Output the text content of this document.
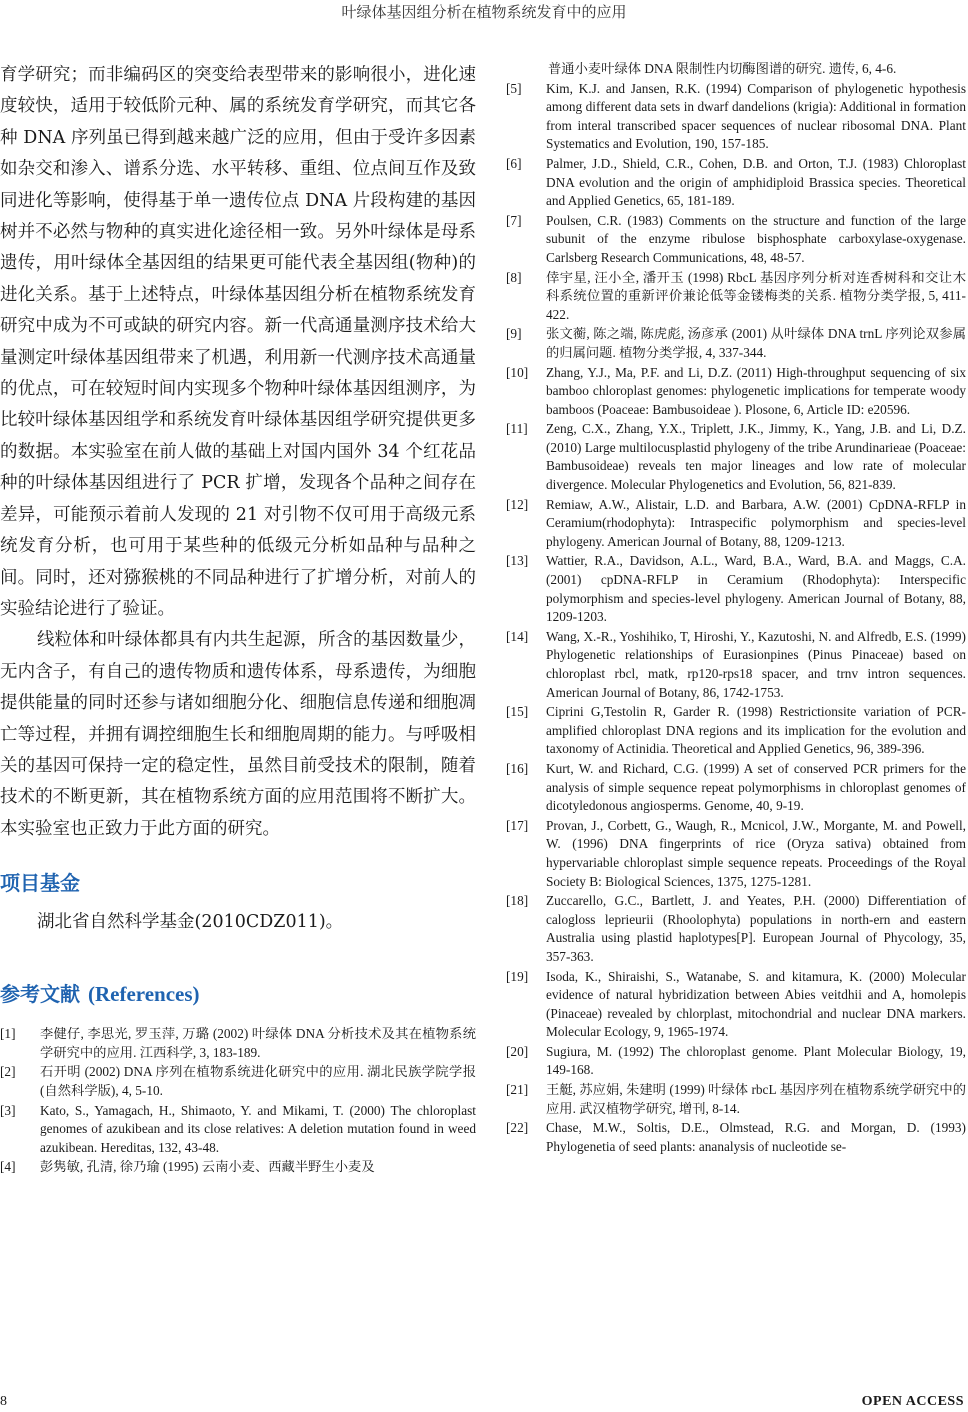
叶绿体基因组分析在植物系统发育中的应用

育学研究；而非编码区的突变给表型带来的影响很小，进化速度较快，适用于较低阶元种、属的系统发育学研究，而其它各种 DNA 序列虽已得到越来越广泛的应用，但由于受许多因素如杂交和渗入、谱系分选、水平转移、重组、位点间互作及致同进化等影响，使得基于单一遗传位点 DNA 片段构建的基因树并不必然与物种的真实进化途径相一致。另外叶绿体是母系遗传，用叶绿体全基因组的结果更可能代表全基因组(物种)的进化关系。基于上述特点，叶绿体基因组分析在植物系统发育研究中成为不可或缺的研究内容。新一代高通量测序技术给大量测定叶绿体基因组带来了机遇，利用新一代测序技术高通量的优点，可在较短时间内实现多个物种叶绿体基因组测序，为比较叶绿体基因组学和系统发育叶绿体基因组学研究提供更多的数据。本实验室在前人做的基础上对国内国外 34 个红花品种的叶绿体基因组进行了 PCR 扩增，发现各个品种之间存在差异，可能预示着前人发现的 21 对引物不仅可用于高级元系统发育分析，也可用于某些种的低级元分析如品种与品种之间。同时，还对猕猴桃的不同品种进行了扩增分析，对前人的实验结论进行了验证。

线粒体和叶绿体都具有内共生起源，所含的基因数量少，无内含子，有自己的遗传物质和遗传体系，母系遗传，为细胞提供能量的同时还参与诸如细胞分化、细胞信息传递和细胞凋亡等过程，并拥有调控细胞生长和细胞周期的能力。与呼吸相关的基因可保持一定的稳定性，虽然目前受技术的限制，随着技术的不断更新，其在植物系统方面的应用范围将不断扩大。本实验室也正致力于此方面的研究。

项目基金

湖北省自然科学基金(2010CDZ011)。

参考文献 (References)
[1]	李健仔, 李思光, 罗玉萍, 万璐 (2002) 叶绿体 DNA 分析技术及其在植物系统学研究中的应用. 江西科学, 3, 183-189.

[2]	石开明 (2002) DNA 序列在植物系统进化研究中的应用. 湖北民族学院学报(自然科学版), 4, 5-10.

[3]	Kato, S., Yamagach, H., Shimaoto, Y. and Mikami, T. (2000) The chloroplast genomes of azukibean and its close relatives: A deletion mutation found in weed azukibean. Hereditas, 132, 43-48.

[4]	彭隽敏, 孔清, 徐乃瑜 (1995) 云南小麦、西藏半野生小麦及

普通小麦叶绿体 DNA 限制性内切酶图谱的研究. 遗传, 6, 4-6.

[5]	Kim, K.J. and Jansen, R.K. (1994) Comparison of phylogenetic hypothesis among different data sets in dwarf dandelions (krigia): Additional in formation from interal transcribed spacer sequences of nuclear ribosomal DNA. Plant Systematics and Evolution, 190, 157-185.

[6]	Palmer, J.D., Shield, C.R., Cohen, D.B. and Orton, T.J. (1983) Chloroplast DNA evolution and the origin of amphidiploid Brassica species. Theoretical and Applied Genetics, 65, 181-189.

[7]	Poulsen, C.R. (1983) Comments on the structure and function of the large subunit of the enzyme ribulose bisphosphate carboxylase-oxygenase. Carlsberg Research Communications, 48, 48-57.

[8]	倖宇星, 汪小全, 潘开玉 (1998) RbcL 基因序列分析对连香树科和交让木科系统位置的重新评价兼论低等金镂梅类的关系. 植物分类学报, 5, 411-422.

[9]	张文蘅, 陈之端, 陈虎彪, 汤彦承 (2001) 从叶绿体 DNA trnL 序列论双参属的归属问题. 植物分类学报, 4, 337-344.

[10]	Zhang, Y.J., Ma, P.F. and Li, D.Z. (2011) High-throughput sequencing of six bamboo chloroplast genomes: phylogenetic implications for temperate woody bamboos (Poaceae: Bambusoideae ). Plosone, 6, Article ID: e20596.

[11]	Zeng, C.X., Zhang, Y.X., Triplett, J.K., Jimmy, K., Yang, J.B. and Li, D.Z. (2010) Large multilocusplastid phylogeny of the tribe Arundinarieae (Poaceae: Bambusoideae) reveals ten major lineages and low rate of molecular divergence. Molecular Phylogenetics and Evolution, 56, 821-839.

[12]	Remiaw, A.W., Alistair, L.D. and Barbara, A.W. (2001) CpDNA-RFLP in Ceramium(rhodophyta): Intraspecific polymorphism and species-level phylogeny. American Journal of Botany, 88, 1209-1213.

[13]	Wattier, R.A., Davidson, A.L., Ward, B.A., Ward, B.A. and Maggs, C.A. (2001) cpDNA-RFLP in Ceramium (Rhodophyta): Interspecific polymorphism and species-level phylogeny. American Journal of Botany, 88, 1209-1203.

[14]	Wang, X.-R., Yoshihiko, T, Hiroshi, Y., Kazutoshi, N. and Alfredb, E.S. (1999) Phylogenetic relationships of Eurasionpines (Pinus Pinaceae) based on chloroplast rbcl, matk, rp120-rps18 spacer, and trnv intron sequences. American Journal of Botany, 86, 1742-1753.

[15]	Ciprini G,Testolin R, Garder R. (1998) Restrictionsite variation of PCR-amplified chloroplast DNA regions and its implication for the evolution and taxonomy of Actinidia. Theoretical and Applied Genetics, 96, 389-396.

[16]	Kurt, W. and Richard, C.G. (1999) A set of conserved PCR primers for the analysis of simple sequence repeat polymorphisms in chloroplast genomes of dicotyledonous angiosperms. Genome, 40, 9-19.

[17]	Provan, J., Corbett, G., Waugh, R., Mcnicol, J.W., Morgante, M. and Powell, W. (1996) DNA fingerprints of rice (Oryza sativa) obtained from hypervariable chloroplast simple sequence repeats. Proceedings of the Royal Society B: Biological Sciences, 1375, 1275-1281.

[18]	Zuccarello, G.C., Bartlett, J. and Yeates, P.H. (2000) Differentiation of calogloss leprieurii (Rhoolophyta) populations in north-ern and eastern Australia using plastid haplotypes[P]. European Journal of Phycology, 35, 357-363.

[19]	Isoda, K., Shiraishi, S., Watanabe, S. and kitamura, K. (2000) Molecular evidence of natural hybridization between Abies veitdhii and A, homolepis (Pinaceae) revealed by chlorplast, mitochondrial and nuclear DNA markers. Molecular Ecology, 9, 1965-1974.

[20]	Sugiura, M. (1992) The chloroplast genome. Plant Molecular Biology, 19, 149-168.

[21]	王艇, 苏应娟, 朱建明 (1999) 叶绿体 rbcL 基因序列在植物系统学研究中的应用. 武汉植物学研究, 增刊, 8-14.

[22]	Chase, M.W., Soltis, D.E., Olmstead, R.G. and Morgan, D. (1993) Phylogenetia of seed plants: ananalysis of nucleotide se-

8	OPEN ACCESS
